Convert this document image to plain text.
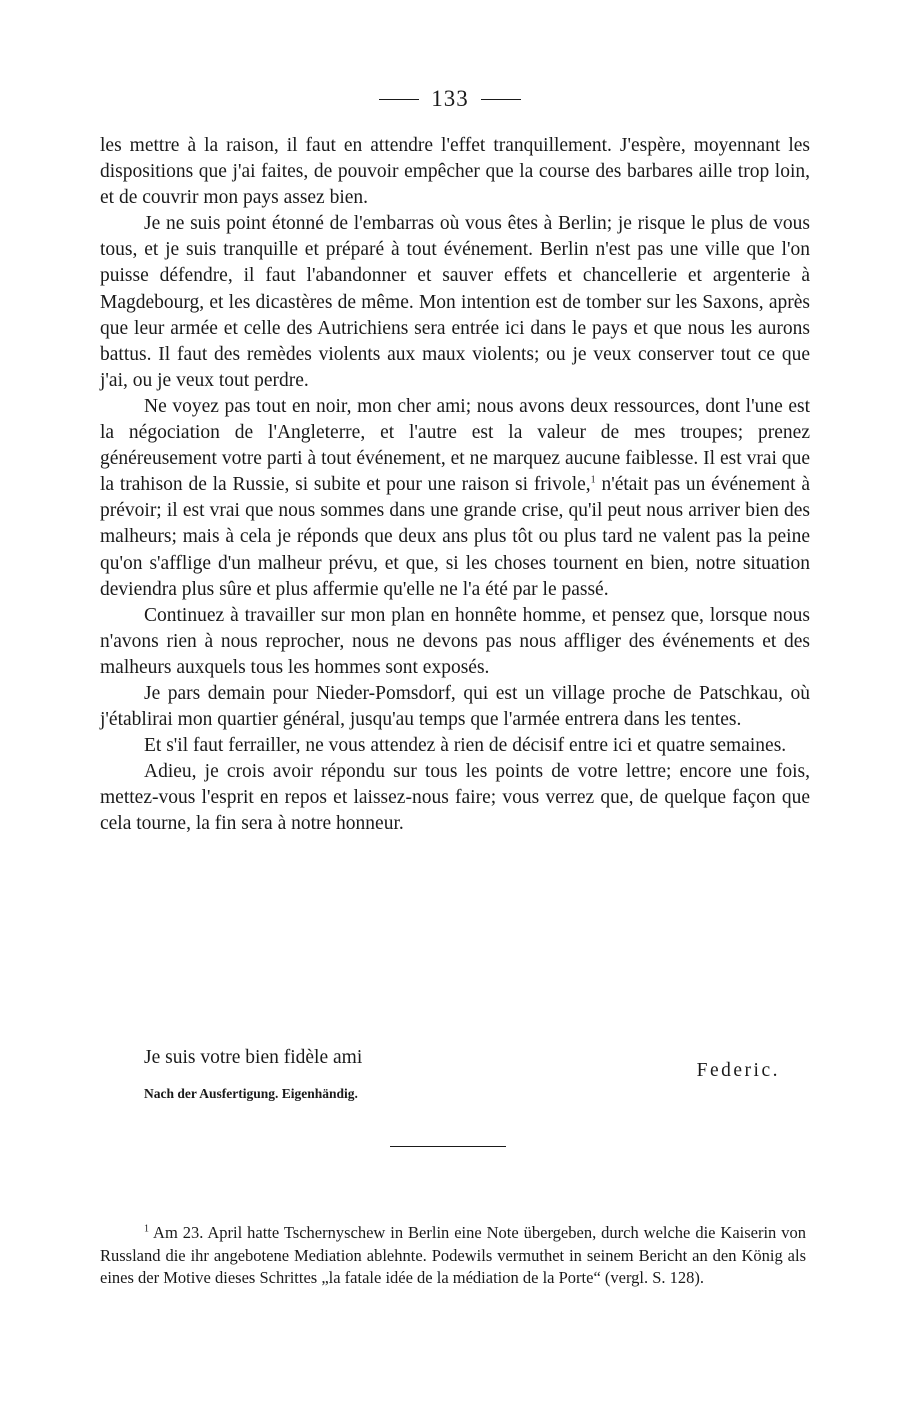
133

les mettre à la raison, il faut en attendre l'effet tranquillement. J'espère, moyennant les dispositions que j'ai faites, de pouvoir empêcher que la course des barbares aille trop loin, et de couvrir mon pays assez bien.

Je ne suis point étonné de l'embarras où vous êtes à Berlin; je risque le plus de vous tous, et je suis tranquille et préparé à tout événement. Berlin n'est pas une ville que l'on puisse défendre, il faut l'abandonner et sauver effets et chancellerie et argenterie à Magdebourg, et les dicastères de même. Mon intention est de tomber sur les Saxons, après que leur armée et celle des Autrichiens sera entrée ici dans le pays et que nous les aurons battus. Il faut des remèdes violents aux maux violents; ou je veux conserver tout ce que j'ai, ou je veux tout perdre.

Ne voyez pas tout en noir, mon cher ami; nous avons deux ressources, dont l'une est la négociation de l'Angleterre, et l'autre est la valeur de mes troupes; prenez généreusement votre parti à tout événement, et ne marquez aucune faiblesse. Il est vrai que la trahison de la Russie, si subite et pour une raison si frivole,$^1$ n'était pas un événement à prévoir; il est vrai que nous sommes dans une grande crise, qu'il peut nous arriver bien des malheurs; mais à cela je réponds que deux ans plus tôt ou plus tard ne valent pas la peine qu'on s'afflige d'un malheur prévu, et que, si les choses tournent en bien, notre situation deviendra plus sûre et plus affermie qu'elle ne l'a été par le passé.

Continuez à travailler sur mon plan en honnête homme, et pensez que, lorsque nous n'avons rien à nous reprocher, nous ne devons pas nous affliger des événements et des malheurs auxquels tous les hommes sont exposés.

Je pars demain pour Nieder-Pomsdorf, qui est un village proche de Patschkau, où j'établirai mon quartier général, jusqu'au temps que l'armée entrera dans les tentes.

Et s'il faut ferrailler, ne vous attendez à rien de décisif entre ici et quatre semaines.

Adieu, je crois avoir répondu sur tous les points de votre lettre; encore une fois, mettez-vous l'esprit en repos et laissez-nous faire; vous verrez que, de quelque façon que cela tourne, la fin sera à notre honneur.

Je suis votre bien fidèle ami
Federic.
Nach der Ausfertigung. Eigenhändig.

$^1$ Am 23. April hatte Tschernyschew in Berlin eine Note übergeben, durch welche die Kaiserin von Russland die ihr angebotene Mediation ablehnte. Podewils vermuthet in seinem Bericht an den König als eines der Motive dieses Schrittes „la fatale idée de la médiation de la Porte“ (vergl. S. 128).
